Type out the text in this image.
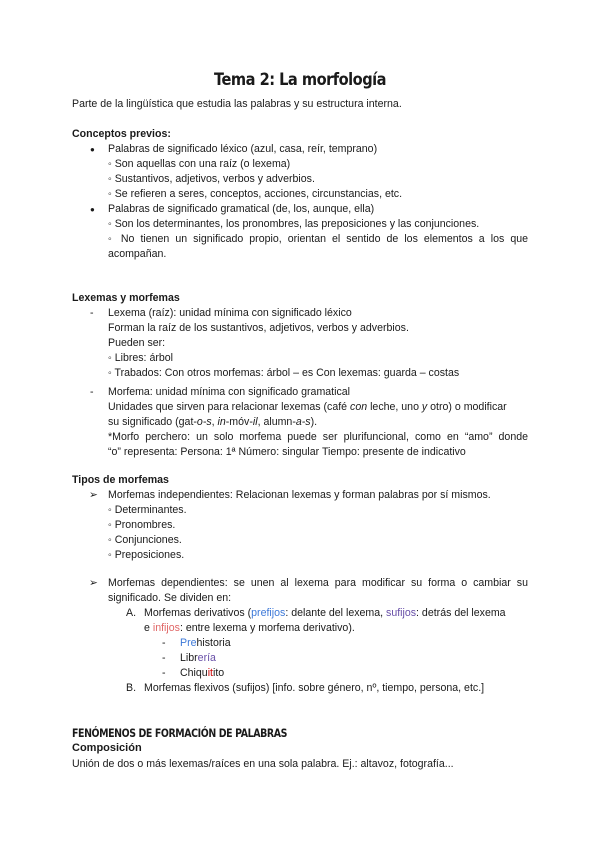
Tema 2: La morfología
Parte de la lingüística que estudia las palabras y su estructura interna.
Conceptos previos:
● Palabras de significado léxico (azul, casa, reír, temprano)
◦ Son aquellas con una raíz (o lexema)
◦ Sustantivos, adjetivos, verbos y adverbios.
◦ Se refieren a seres, conceptos, acciones, circunstancias, etc.
● Palabras de significado gramatical (de, los, aunque, ella)
◦ Son los determinantes, los pronombres, las preposiciones y las conjunciones.
◦ No tienen un significado propio, orientan el sentido de los elementos a los que acompañan.
Lexemas y morfemas
- Lexema (raíz): unidad mínima con significado léxico
Forman la raíz de los sustantivos, adjetivos, verbos y adverbios.
Pueden ser:
◦ Libres: árbol
◦ Trabados: Con otros morfemas: árbol – es Con lexemas: guarda – costas
- Morfema: unidad mínima con significado gramatical
Unidades que sirven para relacionar lexemas (café con leche, uno y otro) o modificar
su significado (gat-o-s, in-móv-il, alumn-a-s).
*Morfo perchero: un solo morfema puede ser plurifuncional, como en “amo” donde
“o” representa: Persona: 1ª Número: singular Tiempo: presente de indicativo
Tipos de morfemas
➢ Morfemas independientes: Relacionan lexemas y forman palabras por sí mismos.
◦ Determinantes.
◦ Pronombres.
◦ Conjunciones.
◦ Preposiciones.
➢ Morfemas dependientes: se unen al lexema para modificar su forma o cambiar su
significado. Se dividen en:
A. Morfemas derivativos (prefijos: delante del lexema, sufijos: detrás del lexema
e infijos: entre lexema y morfema derivativo).
- Prehistoria
- Librería
- Chiquitito
B. Morfemas flexivos (sufijos) [info. sobre género, nº, tiempo, persona, etc.]
FENÓMENOS DE FORMACIÓN DE PALABRAS
Composición
Unión de dos o más lexemas/raíces en una sola palabra. Ej.: altavoz, fotografía...
